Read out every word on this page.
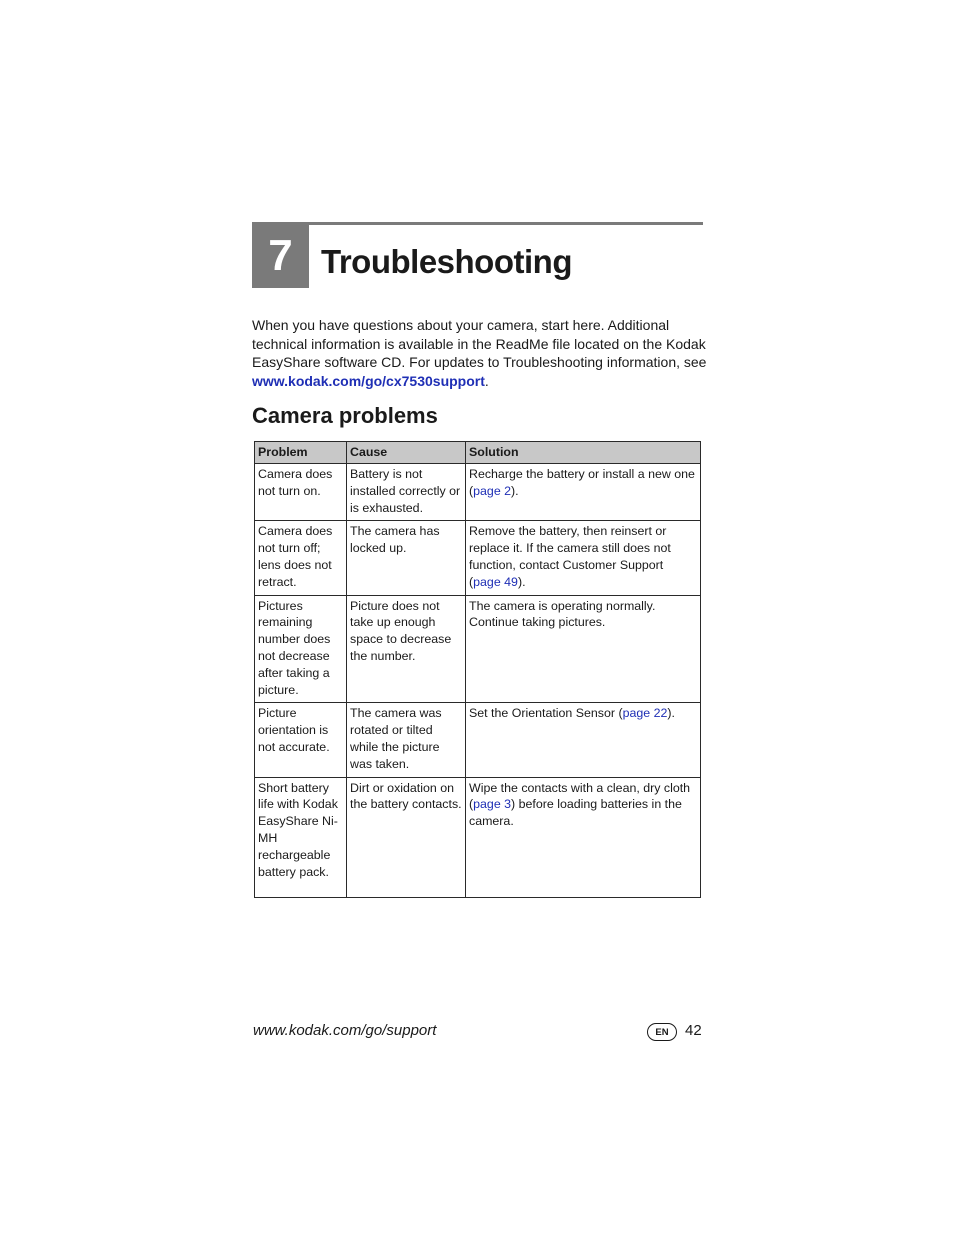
7 Troubleshooting

When you have questions about your camera, start here. Additional technical information is available in the ReadMe file located on the Kodak EasyShare software CD. For updates to Troubleshooting information, see www.kodak.com/go/cx7530support.

Camera problems
Problem	Cause	Solution
Camera does not turn on.	Battery is not installed correctly or is exhausted.	Recharge the battery or install a new one (page 2).
Camera does not turn off; lens does not retract.	The camera has locked up.	Remove the battery, then reinsert or replace it. If the camera still does not function, contact Customer Support (page 49).
Pictures remaining number does not decrease after taking a picture.	Picture does not take up enough space to decrease the number.	The camera is operating normally. Continue taking pictures.
Picture orientation is not accurate.	The camera was rotated or tilted while the picture was taken.	Set the Orientation Sensor (page 22).
Short battery life with Kodak EasyShare Ni-MH rechargeable battery pack.	Dirt or oxidation on the battery contacts.	Wipe the contacts with a clean, dry cloth (page 3) before loading batteries in the camera.
www.kodak.com/go/support	EN	42
